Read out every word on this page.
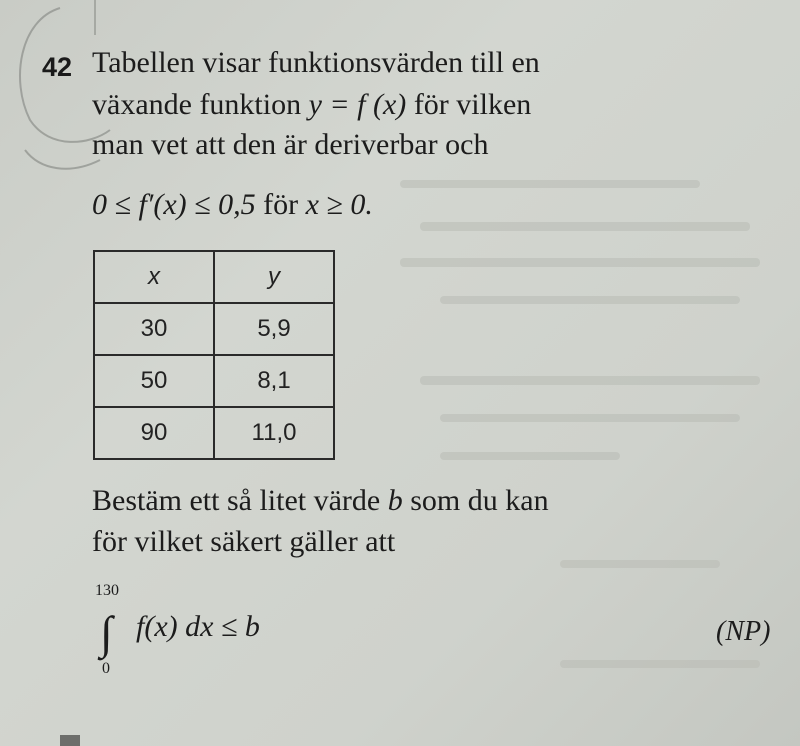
42 Tabellen visar funktionsvärden till en
växande funktion y = f (x) för vilken
man vet att den är deriverbar och
0 ≤ f′(x) ≤ 0,5 för x ≥ 0.
x	y
30	5,9
50	8,1
90	11,0
Bestäm ett så litet värde b som du kan
för vilket säkert gäller att
130
∫
0
f(x) dx ≤ b	(NP)
